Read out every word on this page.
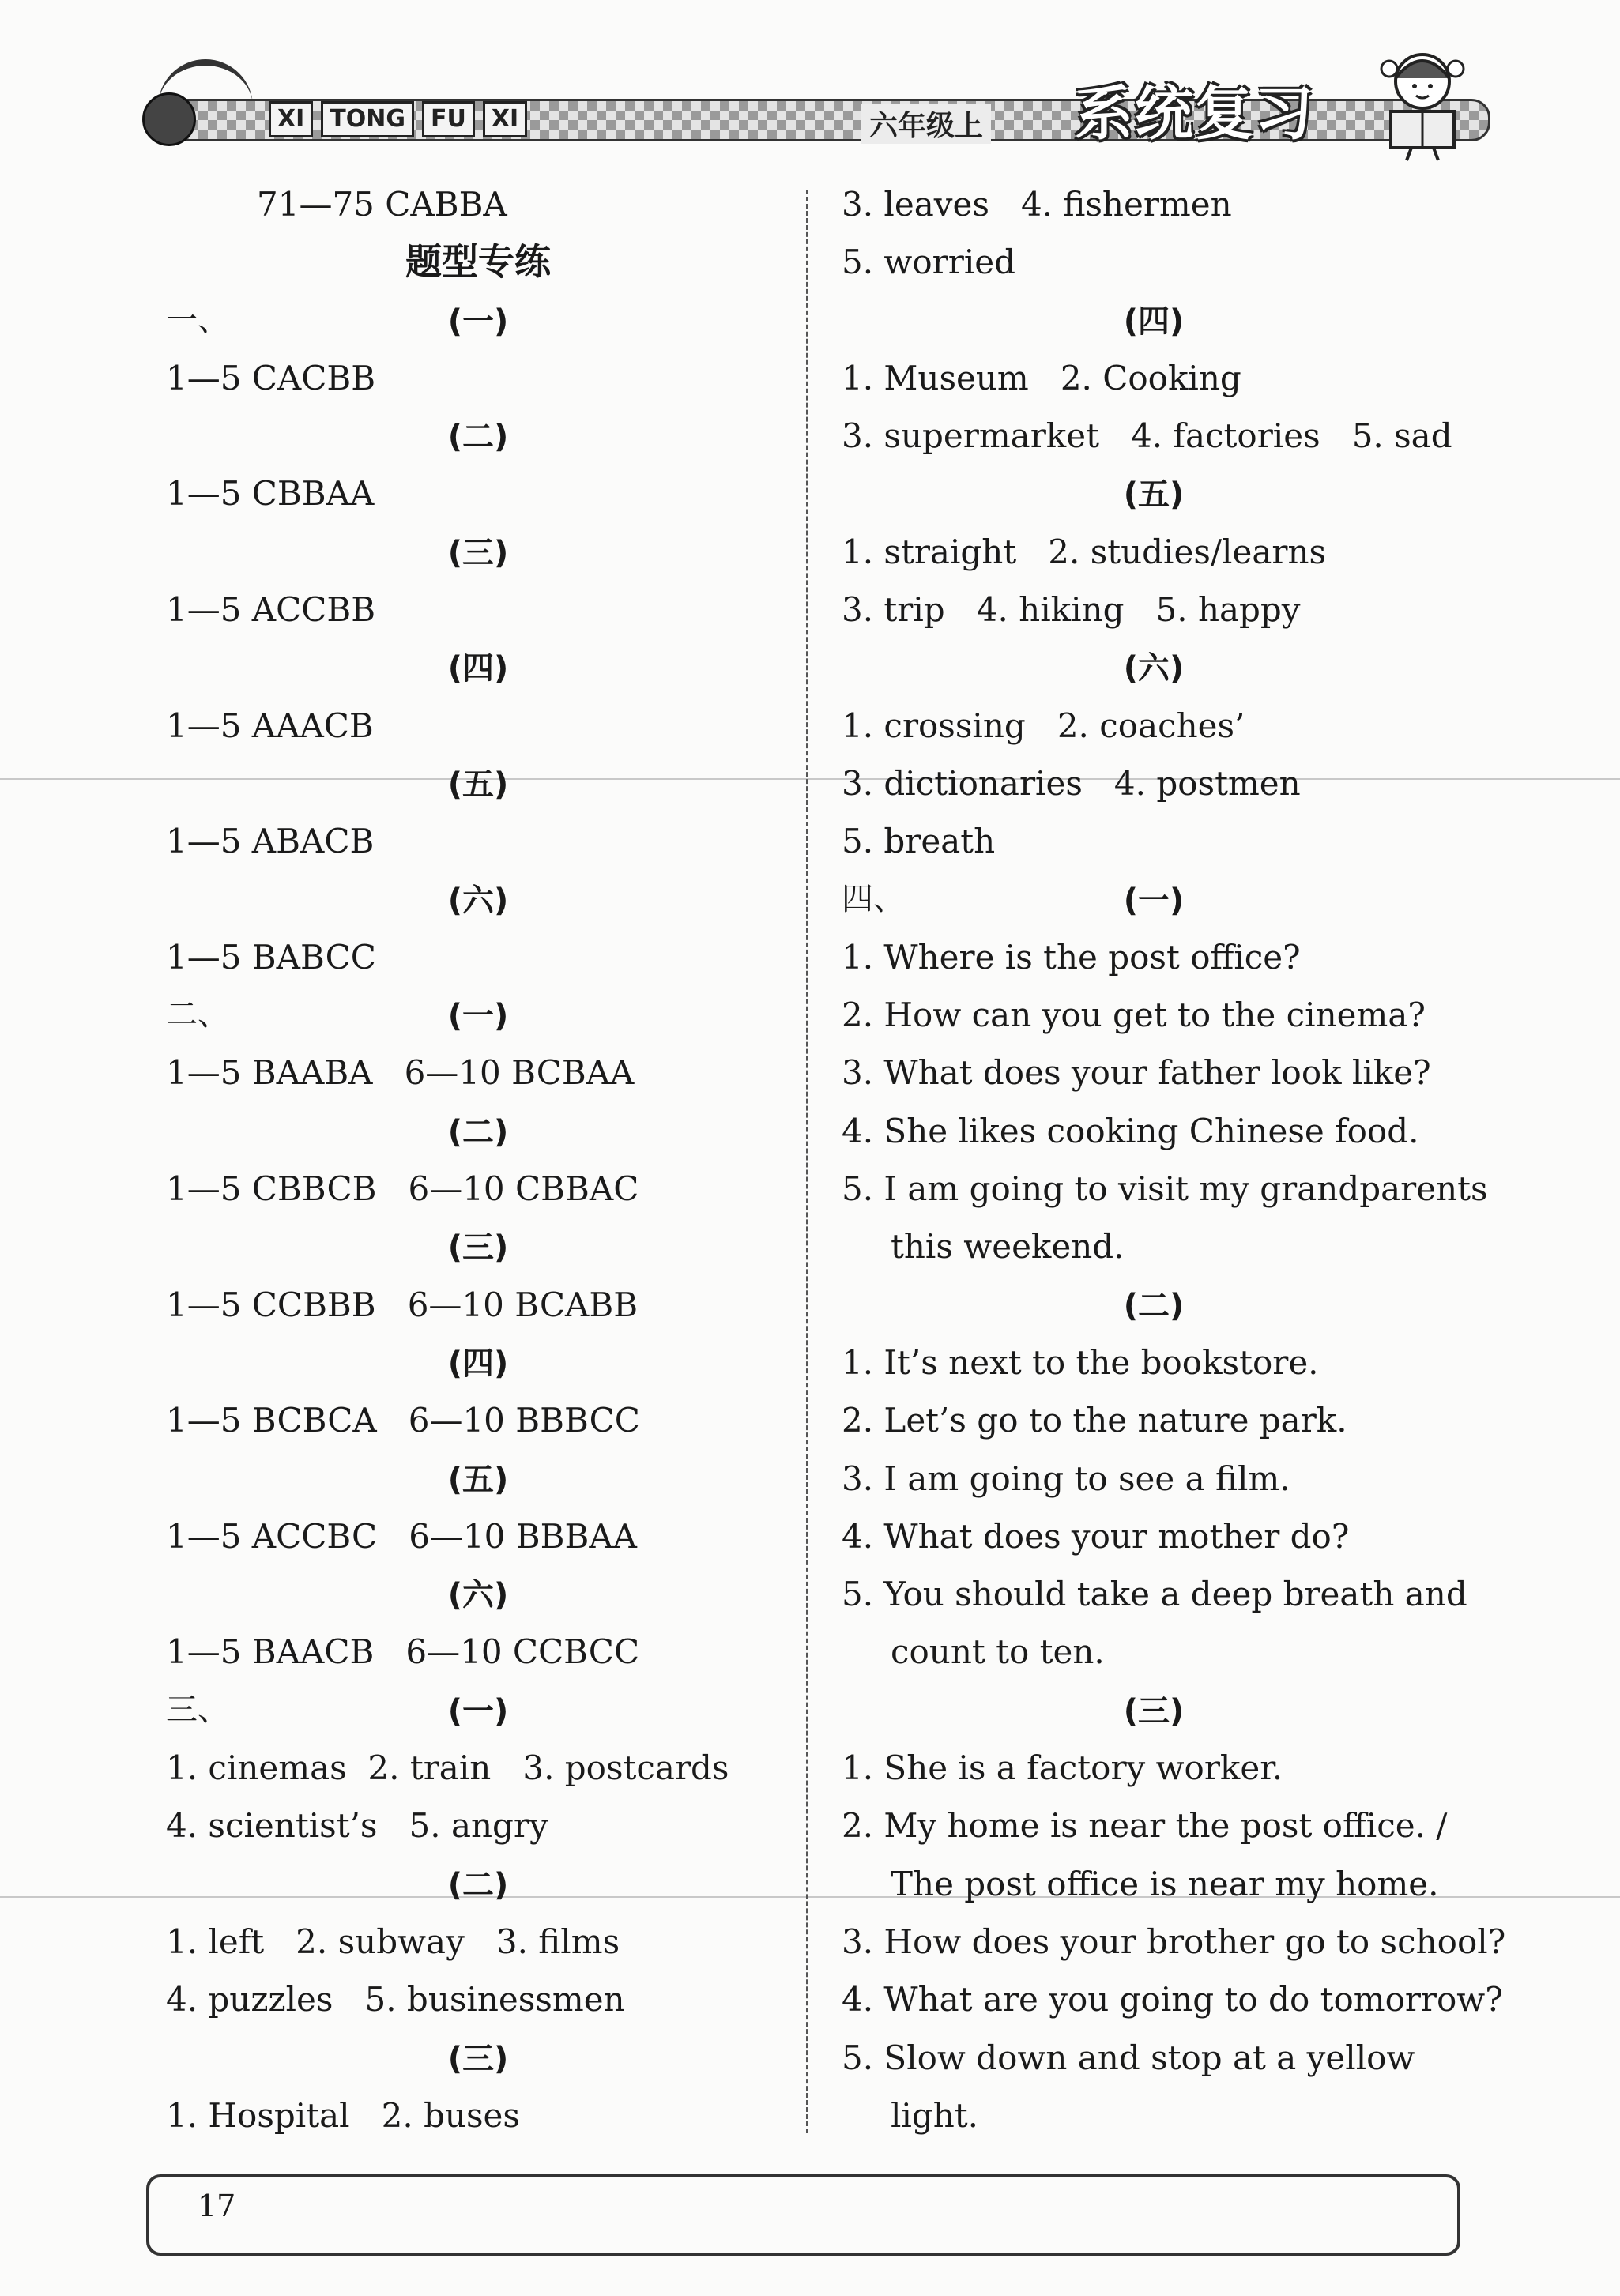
XI	TONG	FU	XI	六年级上 系统复习
71—75 CABBA
题型专练
一、	(一)
1—5 CACBB
(二)
1—5 CBBAA
(三)
1—5 ACCBB
(四)
1—5 AAACB
(五)
1—5 ABACB
(六)
1—5 BABCC
二、	(一)
1—5 BAABA   6—10 BCBAA
(二)
1—5 CBBCB   6—10 CBBAC
(三)
1—5 CCBBB   6—10 BCABB
(四)
1—5 BCBCA   6—10 BBBCC
(五)
1—5 ACCBC   6—10 BBBAA
(六)
1—5 BAACB   6—10 CCBCC
三、	(一)
1. cinemas  2. train   3. postcards
4. scientist’s   5. angry
(二)
1. left   2. subway   3. films
4. puzzles   5. businessmen
(三)
1. Hospital   2. buses
3. leaves   4. fishermen
5. worried
(四)
1. Museum   2. Cooking
3. supermarket   4. factories   5. sad
(五)
1. straight   2. studies/learns
3. trip   4. hiking   5. happy
(六)
1. crossing   2. coaches’
3. dictionaries   4. postmen
5. breath
四、	(一)
1. Where is the post office?
2. How can you get to the cinema?
3. What does your father look like?
4. She likes cooking Chinese food.
5. I am going to visit my grandparents
this weekend.
(二)
1. It’s next to the bookstore.
2. Let’s go to the nature park.
3. I am going to see a film.
4. What does your mother do?
5. You should take a deep breath and
count to ten.
(三)
1. She is a factory worker.
2. My home is near the post office. /
The post office is near my home.
3. How does your brother go to school?
4. What are you going to do tomorrow?
5. Slow down and stop at a yellow
light.
17
